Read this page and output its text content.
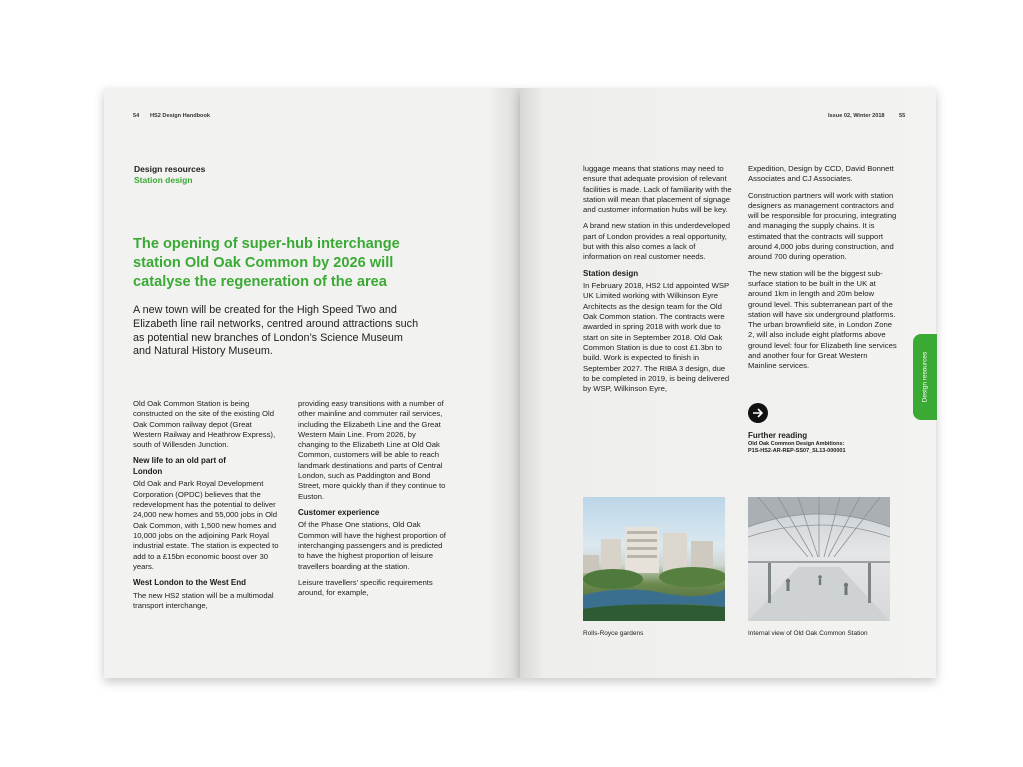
54 HS2 Design Handbook
Design resources
Station design
The opening of super-hub interchange station Old Oak Common by 2026 will catalyse the regeneration of the area
A new town will be created for the High Speed Two and Elizabeth line rail networks, centred around attractions such as potential new branches of London’s Science Museum and Natural History Museum.

Old Oak Common Station is being constructed on the site of the existing Old Oak Common railway depot (Great Western Railway and Heathrow Express), south of Willesden Junction.

New life to an old part of London

Old Oak and Park Royal Development Corporation (OPDC) believes that the redevelopment has the potential to deliver 24,000 new homes and 55,000 jobs in Old Oak Common, with 1,500 new homes and 10,000 jobs on the adjoining Park Royal industrial estate. The station is expected to add to a £15bn economic boost over 30 years.

West London to the West End

The new HS2 station will be a multimodal transport interchange,

providing easy transitions with a number of other mainline and commuter rail services, including the Elizabeth Line and the Great Western Main Line. From 2026, by changing to the Elizabeth Line at Old Oak Common, customers will be able to reach landmark destinations and parts of Central London, such as Paddington and Bond Street, more quickly than if they continue to Euston.

Customer experience

Of the Phase One stations, Old Oak Common will have the highest proportion of interchanging passengers and is predicted to have the highest proportion of leisure travellers boarding at the station.

Leisure travellers’ specific requirements around, for example,

Issue 02, Winter 2018	55

luggage means that stations may need to ensure that adequate provision of relevant facilities is made. Lack of familiarity with the station will mean that placement of signage and customer information hubs will be key.

A brand new station in this underdeveloped part of London provides a real opportunity, but with this also comes a lack of information on real customer needs.

Station design

In February 2018, HS2 Ltd appointed WSP UK Limited working with Wilkinson Eyre Architects as the design team for the Old Oak Common station. The contracts were awarded in spring 2018 with work due to start on site in September 2018. Old Oak Common Station is due to cost £1.3bn to build. Work is expected to finish in September 2027. The RIBA 3 design, due to be completed in 2019, is being delivered by WSP, Wilkinson Eyre,

Expedition, Design by CCD, David Bonnett Associates and CJ Associates.

Construction partners will work with station designers as management contractors and will be responsible for procuring, integrating and managing the supply chains. It is estimated that the contracts will support around 4,000 jobs during construction, and around 700 during operation.

The new station will be the biggest sub-surface station to be built in the UK at around 1km in length and 20m below ground level. This subterranean part of the station will have six underground platforms. The urban brownfield site, in London Zone 2, will also include eight platforms above ground level: four for Elizabeth line services and another four for Great Western Mainline services.

Further reading
Old Oak Common Design Ambitions:
P1S-HS2-AR-REP-SS07_SL13-000001
Rolls-Royce gardens	Internal view of Old Oak Common Station
Design resources
